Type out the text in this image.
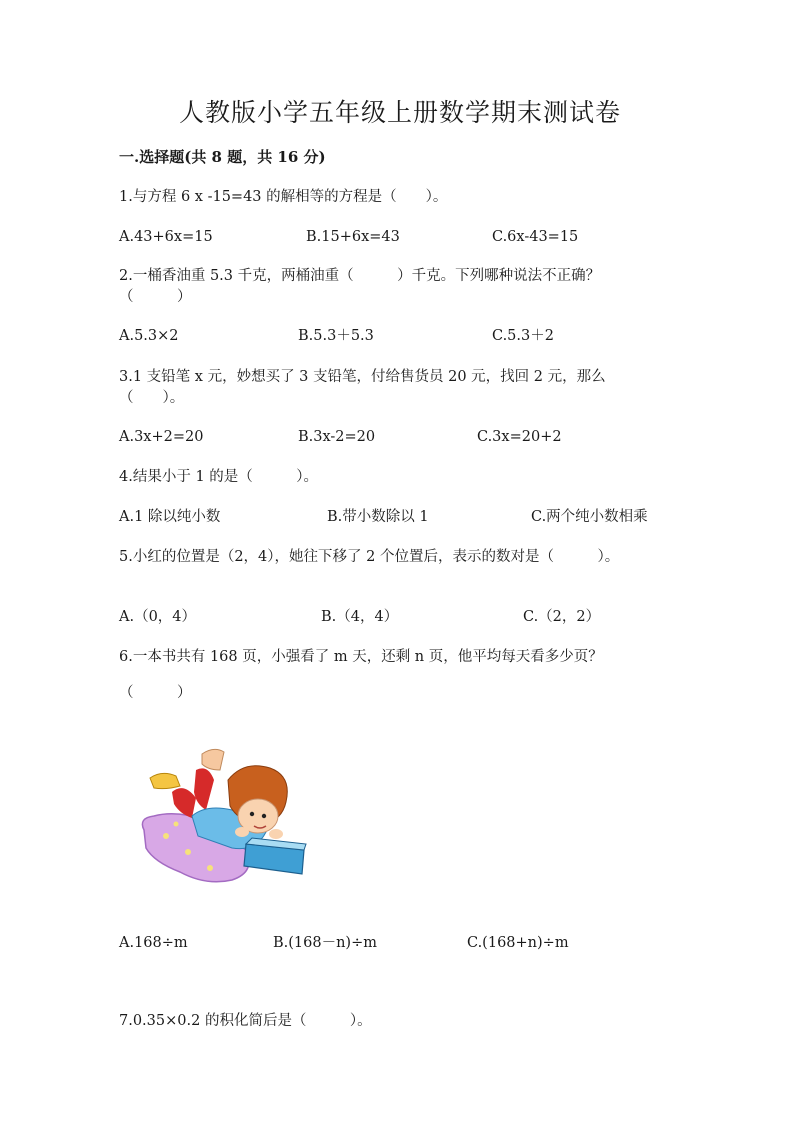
人教版小学五年级上册数学期末测试卷
一.选择题(共 8 题，共 16 分)
1.与方程 6 x -15=43 的解相等的方程是（　　）。
A.43+6x=15	B.15+6x=43	C.6x-43=15
2.一桶香油重 5.3 千克，两桶油重（　　　）千克。下列哪种说法不正确？
（　　　）
A.5.3×2	B.5.3＋5.3	C.5.3＋2
3.1 支铅笔 x 元，妙想买了 3 支铅笔，付给售货员 20 元，找回 2 元，那么
（　　）。
A.3x+2=20	B.3x-2=20	C.3x=20+2
4.结果小于 1 的是（　　　）。
A.1 除以纯小数	B.带小数除以 1	C.两个纯小数相乘
5.小红的位置是（2，4），她往下移了 2 个位置后，表示的数对是（　　　）。
A.（0，4）	B.（4，4）	C.（2，2）
6.一本书共有 168 页，小强看了 m 天，还剩 n 页，他平均每天看多少页？
（　　　）
A.168÷m	B.(168－n)÷m	C.(168+n)÷m
7.0.35×0.2 的积化简后是（　　　）。
